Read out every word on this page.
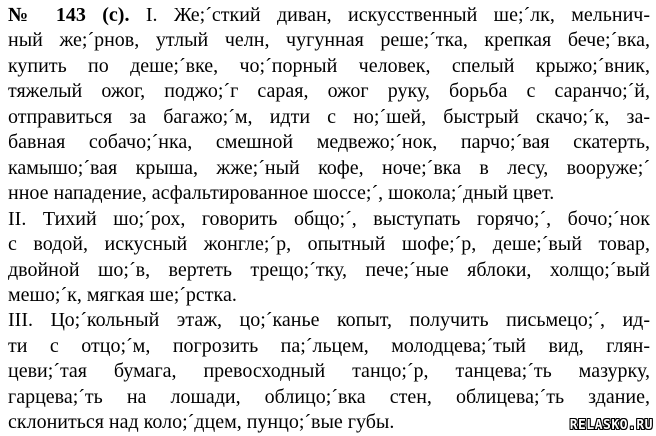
№ 143 (с). I. Же;´сткий диван, искусственный ше;´лк, мельнич-
ный же;´рнов, утлый челн, чугунная реше;´тка, крепкая бече;´вка,
купить по деше;´вке, чо;´порный человек, спелый крыжо;´вник,
тяжелый ожог, поджо;´г сарая, ожог руку, борьба с саранчо;´й,
отправиться за багажо;´м, идти с но;´шей, быстрый скачо;´к, за-
бавная собачо;´нка, смешной медвежо;´нок, парчо;´вая скатерть,
камышо;´вая крыша, жже;´ный кофе, ноче;´вка в лесу, вооруже;´
нное нападение, асфальтированное шоссе;´, шокола;´дный цвет.
II. Тихий шо;´рох, говорить общо;´, выступать горячо;´, бочо;´нок
с водой, искусный жонгле;´р, опытный шофе;´р, деше;´вый товар,
двойной шо;´в, вертеть трещо;´тку, пече;´ные яблоки, холщо;´вый
мешо;´к, мягкая ше;´рстка.
III. Цо;´кольный этаж, цо;´канье копыт, получить письмецо;´, ид-
ти с отцо;´м, погрозить па;´льцем, молодцева;´тый вид, глян-
цеви;´тая бумага, превосходный танцо;´р, танцева;´ть мазурку,
гарцева;´ть на лошади, облицо;´вка стен, облицева;´ть здание,
склониться над коло;´дцем, пунцо;´вые губы.	RELASKO.RU
